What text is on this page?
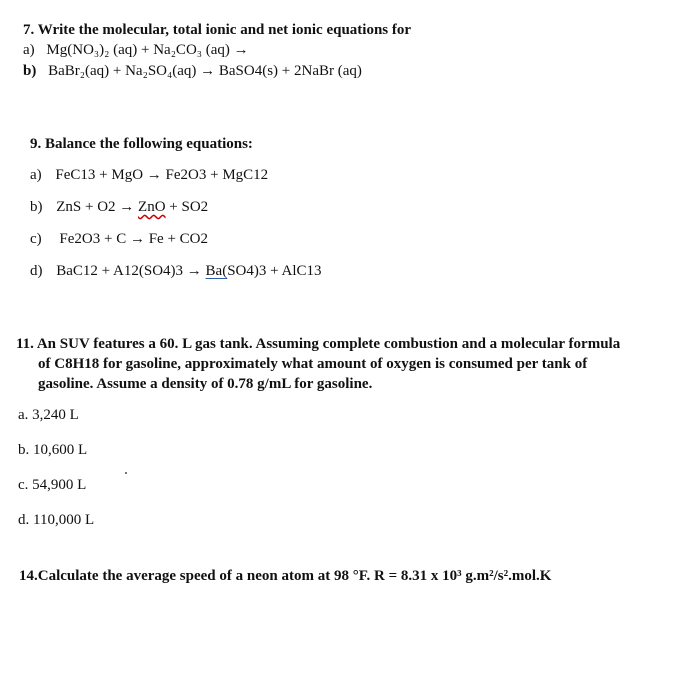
7. Write the molecular, total ionic and net ionic equations for
a) Mg(NO₃)₂ (aq) + Na₂CO₃ (aq) →
b) BaBr₂(aq) + Na₂SO₄(aq) → BaSO4(s) + 2NaBr (aq)
9. Balance the following equations:
a) FeC13 + MgO → Fe2O3 + MgC12
b) ZnS + O2 → ZnO + SO2
c) Fe2O3 + C → Fe + CO2
d) BaC12 + A12(SO4)3 → Ba(SO4)3 + AlC13
11. An SUV features a 60. L gas tank. Assuming complete combustion and a molecular formula
of C8H18 for gasoline, approximately what amount of oxygen is consumed per tank of
gasoline. Assume a density of 0.78 g/mL for gasoline.
a. 3,240 L
b. 10,600 L
c. 54,900 L
d. 110,000 L
14.Calculate the average speed of a neon atom at 98 °F. R = 8.31 x 10³ g.m²/s².mol.K
